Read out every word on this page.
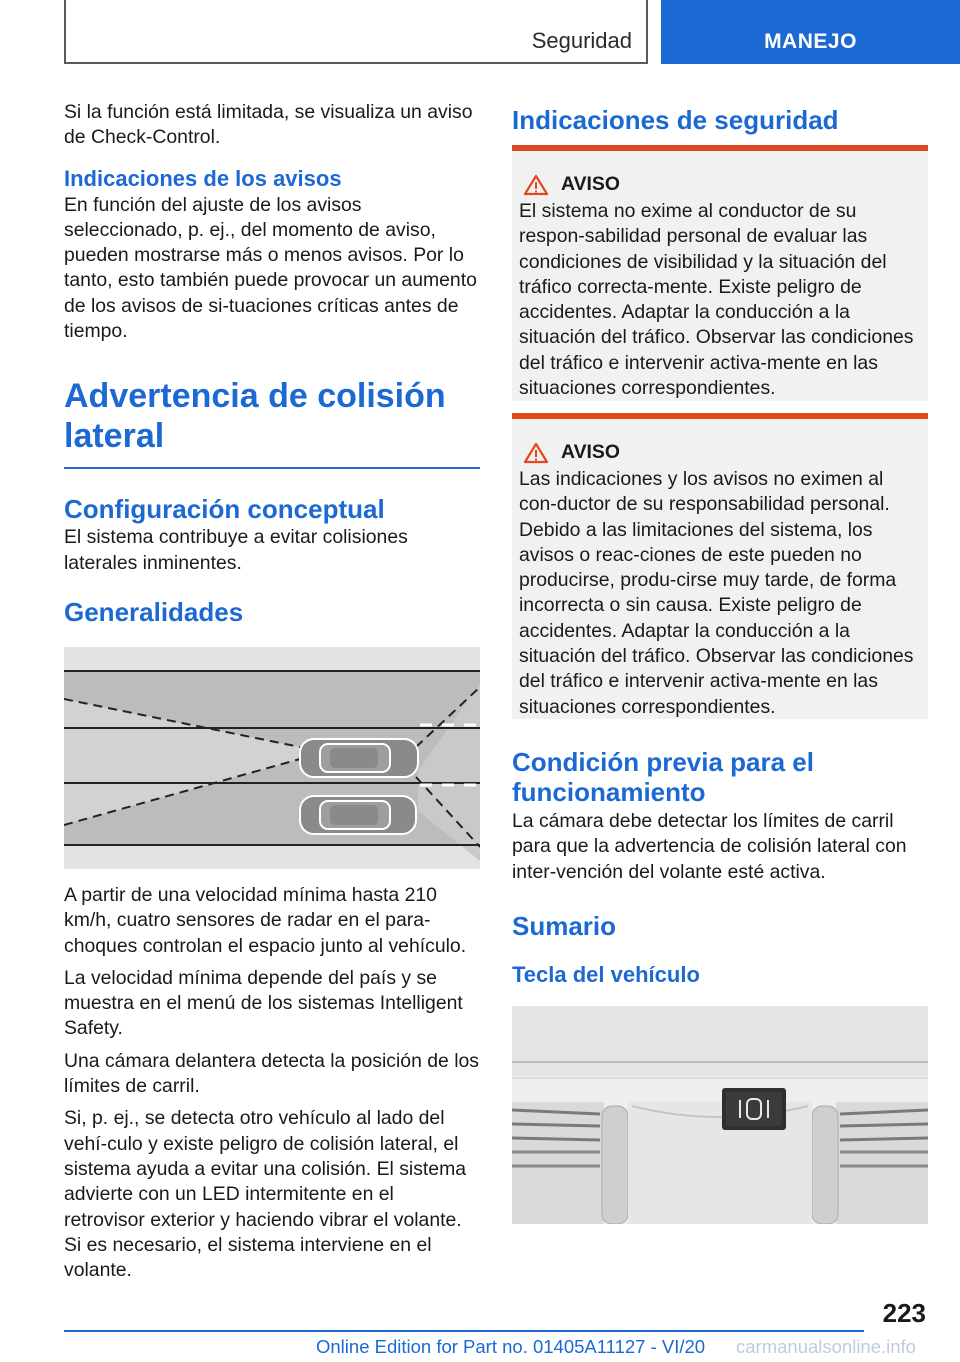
Seguridad	MANEJO

Si la función está limitada, se visualiza un aviso de Check-Control.

Indicaciones de los avisos

En función del ajuste de los avisos seleccionado, p. ej., del momento de aviso, pueden mostrarse más o menos avisos. Por lo tanto, esto también puede provocar un aumento de los avisos de si‐tuaciones críticas antes de tiempo.

Advertencia de colisión lateral
Configuración conceptual

El sistema contribuye a evitar colisiones laterales inminentes.

Generalidades

A partir de una velocidad mínima hasta 210 km/h, cuatro sensores de radar en el para‐choques controlan el espacio junto al vehículo.

La velocidad mínima depende del país y se muestra en el menú de los sistemas Intelligent Safety.

Una cámara delantera detecta la posición de los límites de carril.

Si, p. ej., se detecta otro vehículo al lado del vehí‐culo y existe peligro de colisión lateral, el sistema ayuda a evitar una colisión. El sistema advierte con un LED intermitente en el retrovisor exterior y haciendo vibrar el volante. Si es necesario, el sistema interviene en el volante.

Indicaciones de seguridad
AVISO

El sistema no exime al conductor de su respon‐sabilidad personal de evaluar las condiciones de visibilidad y la situación del tráfico correcta‐mente. Existe peligro de accidentes. Adaptar la conducción a la situación del tráfico. Observar las condiciones del tráfico e intervenir activa‐mente en las situaciones correspondientes.

AVISO

Las indicaciones y los avisos no eximen al con‐ductor de su responsabilidad personal. Debido a las limitaciones del sistema, los avisos o reac‐ciones de este pueden no producirse, produ‐cirse muy tarde, de forma incorrecta o sin causa. Existe peligro de accidentes. Adaptar la conducción a la situación del tráfico. Observar las condiciones del tráfico e intervenir activa‐mente en las situaciones correspondientes.

Condición previa para el funcionamiento

La cámara debe detectar los límites de carril para que la advertencia de colisión lateral con inter‐vención del volante esté activa.

Sumario
Tecla del vehículo
223
Online Edition for Part no. 01405A11127 - VI/20 carmanualsonline.info
